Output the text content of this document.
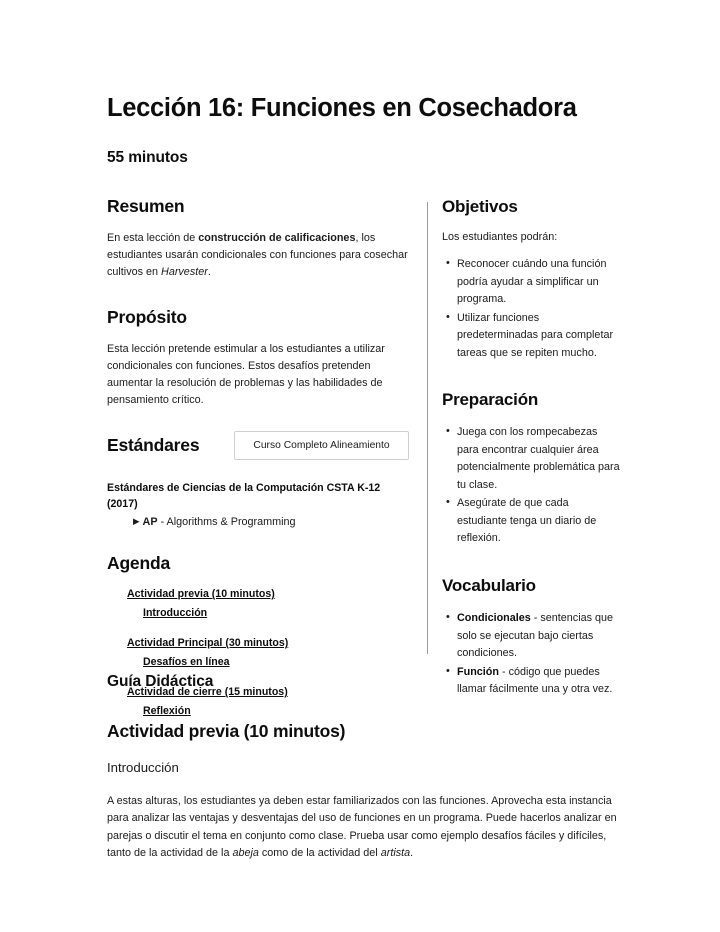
Lección 16: Funciones en Cosechadora

55 minutos

Resumen

En esta lección de construcción de calificaciones, los estudiantes usarán condicionales con funciones para cosechar cultivos en Harvester.

Propósito

Esta lección pretende estimular a los estudiantes a utilizar condicionales con funciones. Estos desafíos pretenden aumentar la resolución de problemas y las habilidades de pensamiento crítico.

Estándares	Curso Completo Alineamiento

Estándares de Ciencias de la Computación CSTA K-12 (2017)

▶ AP - Algorithms & Programming

Agenda
Actividad previa (10 minutos)
Introducción
Actividad Principal (30 minutos)
Desafíos en línea
Actividad de cierre (15 minutos)
Reflexión
Objetivos

Los estudiantes podrán:

• Reconocer cuándo una función podría ayudar a simplificar un programa.
• Utilizar funciones predeterminadas para completar tareas que se repiten mucho.
Preparación
• Juega con los rompecabezas para encontrar cualquier área potencialmente problemática para tu clase.
• Asegúrate de que cada estudiante tenga un diario de reflexión.
Vocabulario
• Condicionales - sentencias que solo se ejecutan bajo ciertas condiciones.
• Función - código que puedes llamar fácilmente una y otra vez.
Guía Didáctica
Actividad previa (10 minutos)
Introducción

A estas alturas, los estudiantes ya deben estar familiarizados con las funciones. Aprovecha esta instancia para analizar las ventajas y desventajas del uso de funciones en un programa. Puede hacerlos analizar en parejas o discutir el tema en conjunto como clase. Prueba usar como ejemplo desafíos fáciles y difíciles, tanto de la actividad de la abeja como de la actividad del artista.
